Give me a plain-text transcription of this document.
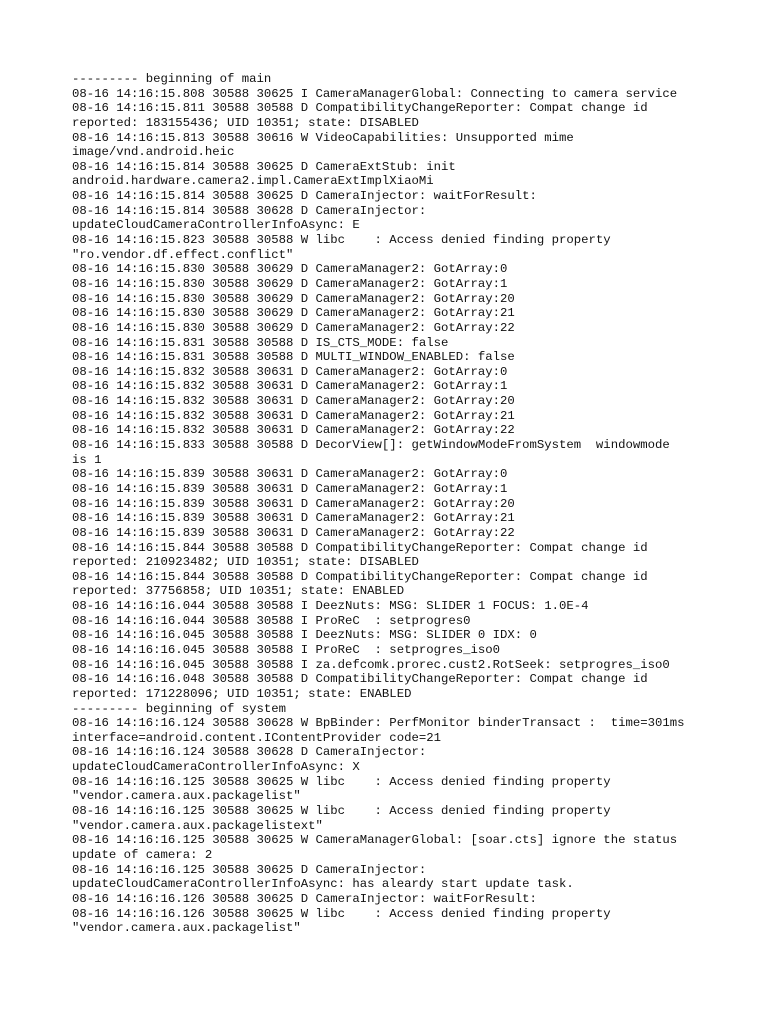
--------- beginning of main
08-16 14:16:15.808 30588 30625 I CameraManagerGlobal: Connecting to camera service
08-16 14:16:15.811 30588 30588 D CompatibilityChangeReporter: Compat change id
reported: 183155436; UID 10351; state: DISABLED
08-16 14:16:15.813 30588 30616 W VideoCapabilities: Unsupported mime
image/vnd.android.heic
08-16 14:16:15.814 30588 30625 D CameraExtStub: init
android.hardware.camera2.impl.CameraExtImplXiaoMi
08-16 14:16:15.814 30588 30625 D CameraInjector: waitForResult:
08-16 14:16:15.814 30588 30628 D CameraInjector:
updateCloudCameraControllerInfoAsync: E
08-16 14:16:15.823 30588 30588 W libc    : Access denied finding property
"ro.vendor.df.effect.conflict"
08-16 14:16:15.830 30588 30629 D CameraManager2: GotArray:0
08-16 14:16:15.830 30588 30629 D CameraManager2: GotArray:1
08-16 14:16:15.830 30588 30629 D CameraManager2: GotArray:20
08-16 14:16:15.830 30588 30629 D CameraManager2: GotArray:21
08-16 14:16:15.830 30588 30629 D CameraManager2: GotArray:22
08-16 14:16:15.831 30588 30588 D IS_CTS_MODE: false
08-16 14:16:15.831 30588 30588 D MULTI_WINDOW_ENABLED: false
08-16 14:16:15.832 30588 30631 D CameraManager2: GotArray:0
08-16 14:16:15.832 30588 30631 D CameraManager2: GotArray:1
08-16 14:16:15.832 30588 30631 D CameraManager2: GotArray:20
08-16 14:16:15.832 30588 30631 D CameraManager2: GotArray:21
08-16 14:16:15.832 30588 30631 D CameraManager2: GotArray:22
08-16 14:16:15.833 30588 30588 D DecorView[]: getWindowModeFromSystem  windowmode
is 1
08-16 14:16:15.839 30588 30631 D CameraManager2: GotArray:0
08-16 14:16:15.839 30588 30631 D CameraManager2: GotArray:1
08-16 14:16:15.839 30588 30631 D CameraManager2: GotArray:20
08-16 14:16:15.839 30588 30631 D CameraManager2: GotArray:21
08-16 14:16:15.839 30588 30631 D CameraManager2: GotArray:22
08-16 14:16:15.844 30588 30588 D CompatibilityChangeReporter: Compat change id
reported: 210923482; UID 10351; state: DISABLED
08-16 14:16:15.844 30588 30588 D CompatibilityChangeReporter: Compat change id
reported: 37756858; UID 10351; state: ENABLED
08-16 14:16:16.044 30588 30588 I DeezNuts: MSG: SLIDER 1 FOCUS: 1.0E-4
08-16 14:16:16.044 30588 30588 I ProReC  : setprogres0
08-16 14:16:16.045 30588 30588 I DeezNuts: MSG: SLIDER 0 IDX: 0
08-16 14:16:16.045 30588 30588 I ProReC  : setprogres_iso0
08-16 14:16:16.045 30588 30588 I za.defcomk.prorec.cust2.RotSeek: setprogres_iso0
08-16 14:16:16.048 30588 30588 D CompatibilityChangeReporter: Compat change id
reported: 171228096; UID 10351; state: ENABLED
--------- beginning of system
08-16 14:16:16.124 30588 30628 W BpBinder: PerfMonitor binderTransact :  time=301ms
interface=android.content.IContentProvider code=21
08-16 14:16:16.124 30588 30628 D CameraInjector:
updateCloudCameraControllerInfoAsync: X
08-16 14:16:16.125 30588 30625 W libc    : Access denied finding property
"vendor.camera.aux.packagelist"
08-16 14:16:16.125 30588 30625 W libc    : Access denied finding property
"vendor.camera.aux.packagelistext"
08-16 14:16:16.125 30588 30625 W CameraManagerGlobal: [soar.cts] ignore the status
update of camera: 2
08-16 14:16:16.125 30588 30625 D CameraInjector:
updateCloudCameraControllerInfoAsync: has aleardy start update task.
08-16 14:16:16.126 30588 30625 D CameraInjector: waitForResult:
08-16 14:16:16.126 30588 30625 W libc    : Access denied finding property
"vendor.camera.aux.packagelist"
